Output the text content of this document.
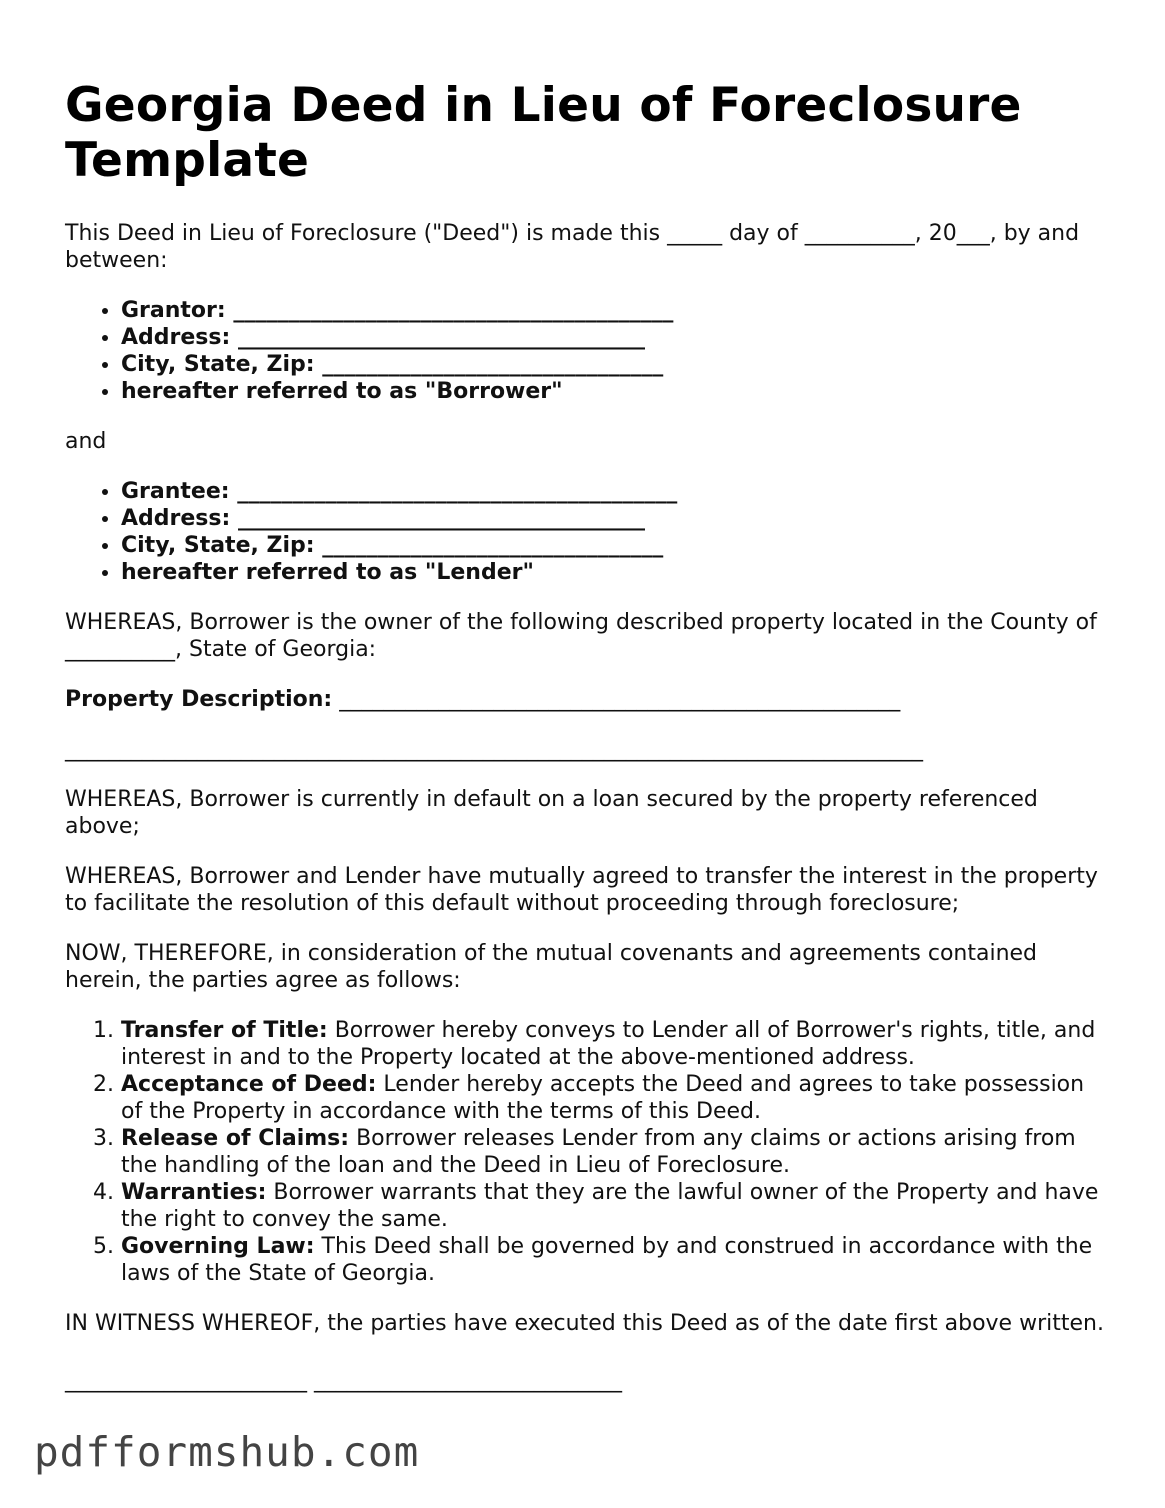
Georgia Deed in Lieu of Foreclosure Template

This Deed in Lieu of Foreclosure ("Deed") is made this _____ day of __________, 20___, by and between:

• Grantor: ________________________________________
• Address: _____________________________________
• City, State, Zip: _______________________________
• hereafter referred to as "Borrower"

and

• Grantee: ________________________________________
• Address: _____________________________________
• City, State, Zip: _______________________________
• hereafter referred to as "Lender"

WHEREAS, Borrower is the owner of the following described property located in the County of __________, State of Georgia:

Property Description: ___________________________________________________

______________________________________________________________________________

WHEREAS, Borrower is currently in default on a loan secured by the property referenced above;

WHEREAS, Borrower and Lender have mutually agreed to transfer the interest in the property to facilitate the resolution of this default without proceeding through foreclosure;

NOW, THEREFORE, in consideration of the mutual covenants and agreements contained herein, the parties agree as follows:

1. Transfer of Title: Borrower hereby conveys to Lender all of Borrower's rights, title, and interest in and to the Property located at the above-mentioned address.
2. Acceptance of Deed: Lender hereby accepts the Deed and agrees to take possession of the Property in accordance with the terms of this Deed.
3. Release of Claims: Borrower releases Lender from any claims or actions arising from the handling of the loan and the Deed in Lieu of Foreclosure.
4. Warranties: Borrower warrants that they are the lawful owner of the Property and have the right to convey the same.
5. Governing Law: This Deed shall be governed by and construed in accordance with the laws of the State of Georgia.

IN WITNESS WHEREOF, the parties have executed this Deed as of the date first above written.

______________________ ____________________________
pdfformshub.com
